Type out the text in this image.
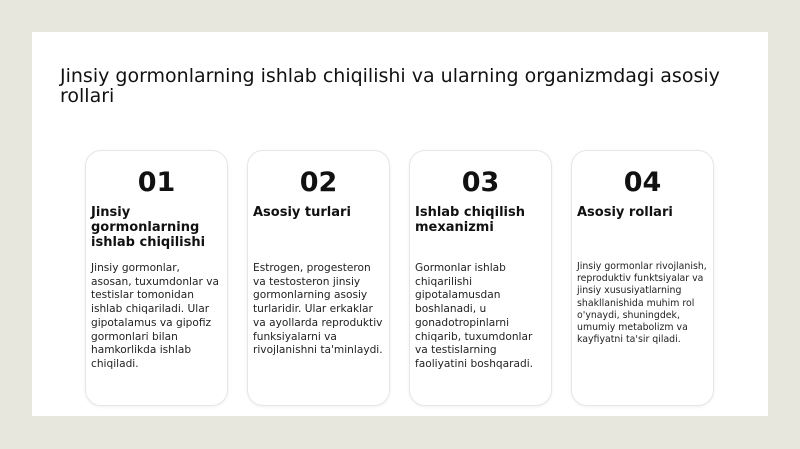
Jinsiy gormonlarning ishlab chiqilishi va ularning organizmdagi asosiy rollari
01
Jinsiy gormonlarning ishlab chiqilishi
Jinsiy gormonlar, asosan, tuxumdonlar va testislar tomonidan ishlab chiqariladi. Ular gipotalamus va gipofiz gormonlari bilan hamkorlikda ishlab chiqiladi.
02
Asosiy turlari
Estrogen, progesteron va testosteron jinsiy gormonlarning asosiy turlaridir. Ular erkaklar va ayollarda reproduktiv funksiyalarni va rivojlanishni ta'minlaydi.
03
Ishlab chiqilish mexanizmi
Gormonlar ishlab chiqarilishi gipotalamusdan boshlanadi, u gonadotropinlarni chiqarib, tuxumdonlar va testislarning faoliyatini boshqaradi.
04
Asosiy rollari
Jinsiy gormonlar rivojlanish, reproduktiv funktsiyalar va jinsiy xususiyatlarning shakllanishida muhim rol o'ynaydi, shuningdek, umumiy metabolizm va kayfiyatni ta'sir qiladi.
